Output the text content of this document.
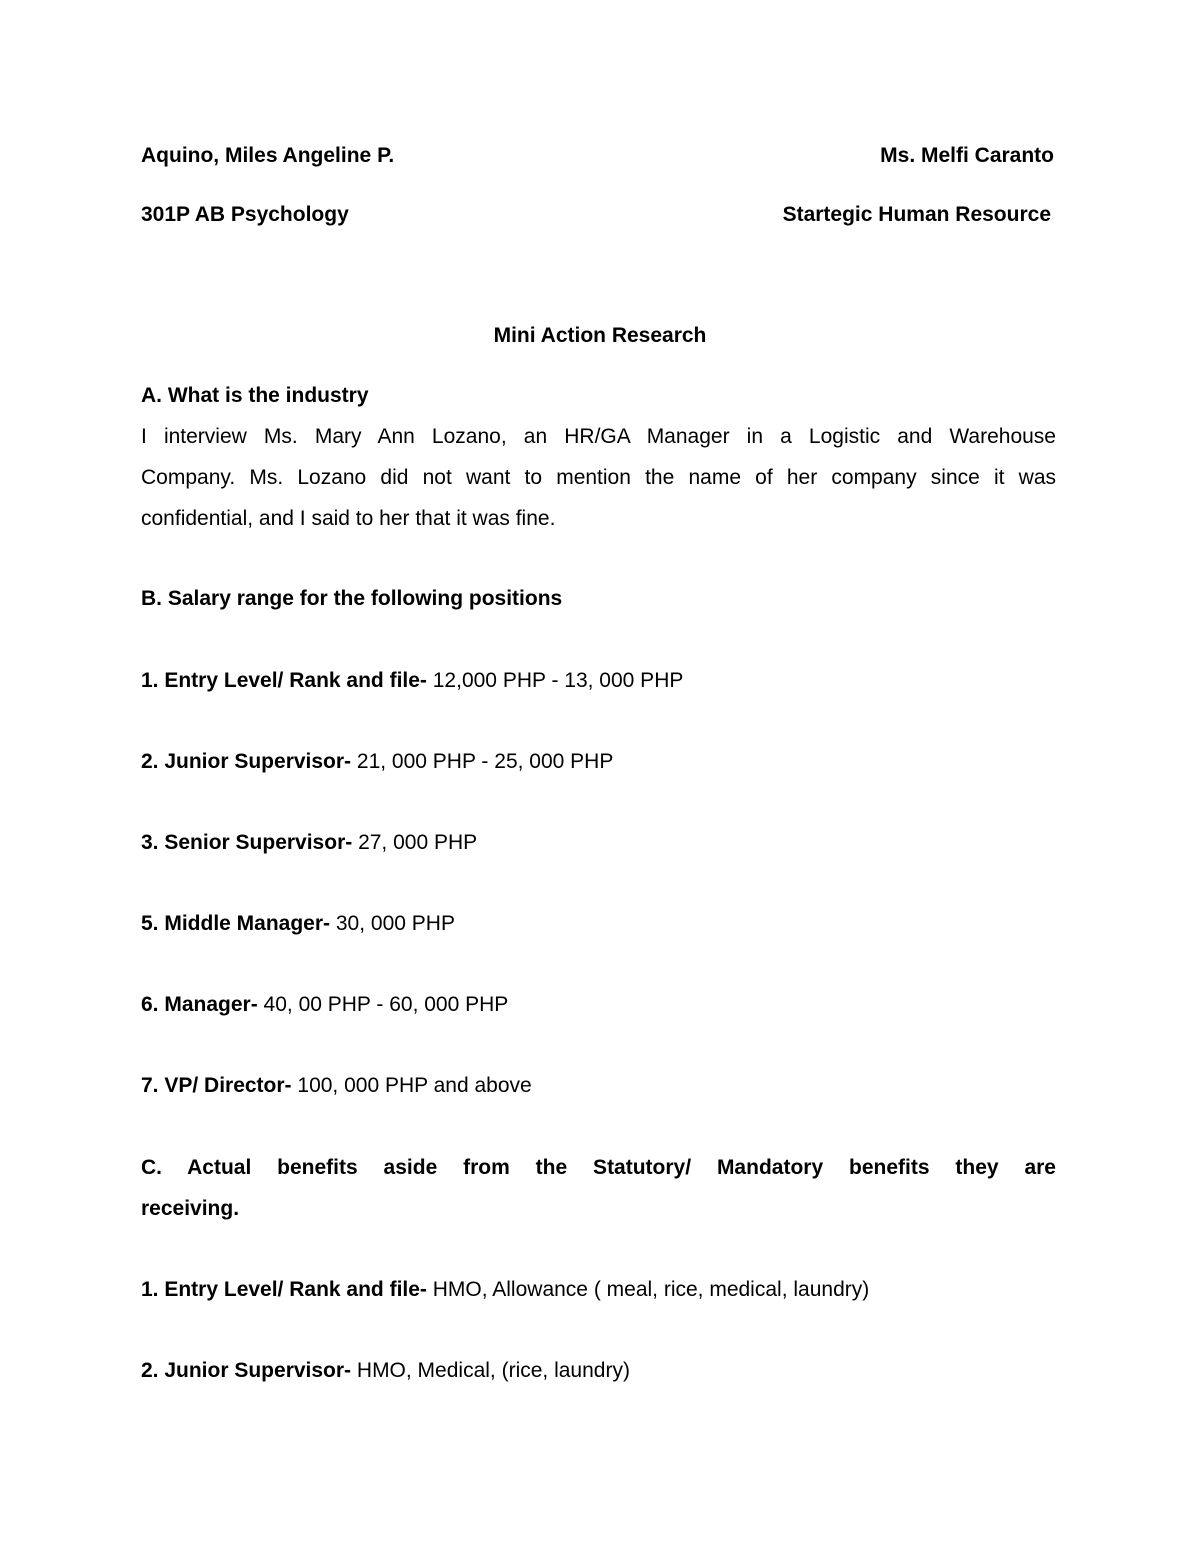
Aquino, Miles Angeline P.	Ms. Melfi Caranto
301P AB Psychology	Startegic Human Resource
Mini Action Research
A. What is the industry
I interview Ms. Mary Ann Lozano, an HR/GA Manager in a Logistic and Warehouse
Company. Ms. Lozano did not want to mention the name of her company since it was
confidential, and I said to her that it was fine.
B. Salary range for the following positions
1. Entry Level/ Rank and file- 12,000 PHP - 13, 000 PHP
2. Junior Supervisor- 21, 000 PHP - 25, 000 PHP
3. Senior Supervisor- 27, 000 PHP
5. Middle Manager- 30, 000 PHP
6. Manager- 40, 00 PHP - 60, 000 PHP
7. VP/ Director- 100, 000 PHP and above
C. Actual benefits aside from the Statutory/ Mandatory benefits they are
receiving.
1. Entry Level/ Rank and file- HMO, Allowance ( meal, rice, medical, laundry)
2. Junior Supervisor- HMO, Medical, (rice, laundry)
